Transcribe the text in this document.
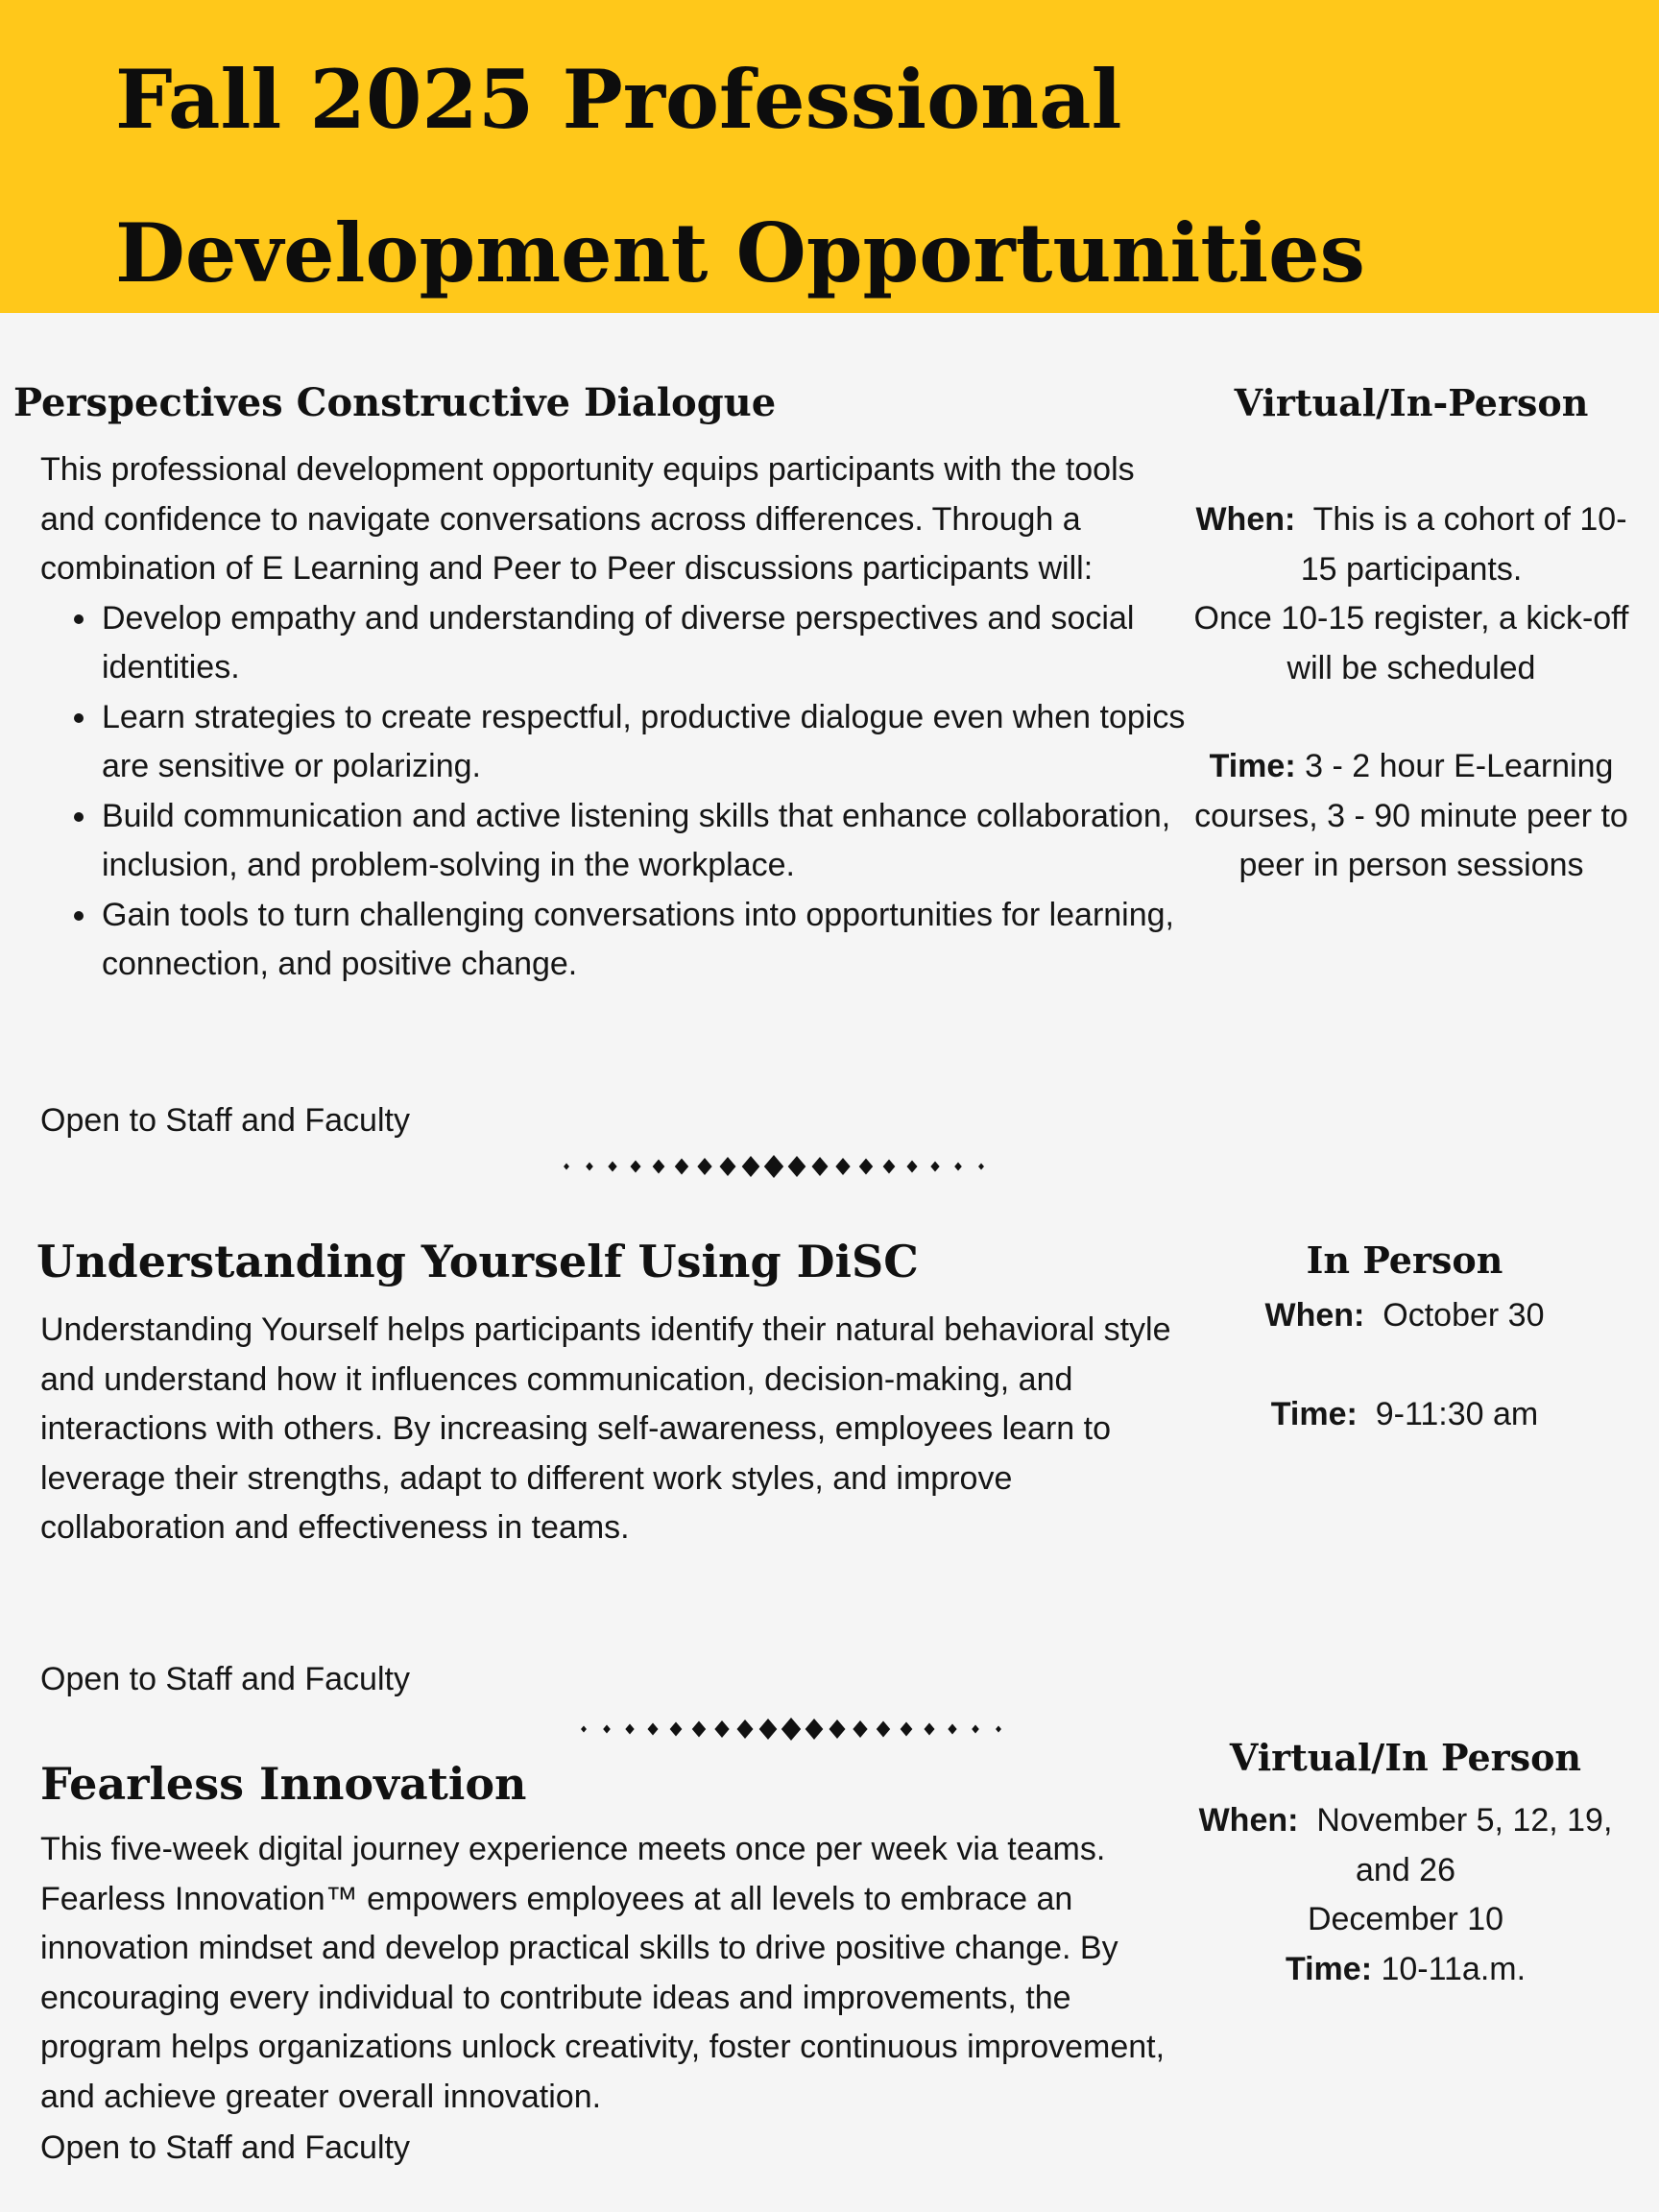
Fall 2025 Professional
Development Opportunities
Perspectives Constructive Dialogue

This professional development opportunity equips participants with the tools and confidence to navigate conversations across differences. Through a combination of E Learning and Peer to Peer discussions participants will:

• Develop empathy and understanding of diverse perspectives and social identities.
• Learn strategies to create respectful, productive dialogue even when topics are sensitive or polarizing.
• Build communication and active listening skills that enhance collaboration, inclusion, and problem-solving in the workplace.
• Gain tools to turn challenging conversations into opportunities for learning, connection, and positive change.
Open to Staff and Faculty
Virtual/In-Person

When: This is a cohort of 10-15 participants.

Once 10-15 register, a kick-off will be scheduled

Time: 3 - 2 hour E-Learning courses, 3 - 90 minute peer to peer in person sessions

Understanding Yourself Using DiSC

Understanding Yourself helps participants identify their natural behavioral style and understand how it influences communication, decision-making, and interactions with others. By increasing self-awareness, employees learn to leverage their strengths, adapt to different work styles, and improve collaboration and effectiveness in teams.

Open to Staff and Faculty
In Person

When: October 30

Time: 9-11:30 am

Fearless Innovation

This five-week digital journey experience meets once per week via teams. Fearless Innovation™ empowers employees at all levels to embrace an innovation mindset and develop practical skills to drive positive change. By encouraging every individual to contribute ideas and improvements, the program helps organizations unlock creativity, foster continuous improvement, and achieve greater overall innovation.

Open to Staff and Faculty
Virtual/In Person

When: November 5, 12, 19, and 26

December 10

Time: 10-11a.m.
